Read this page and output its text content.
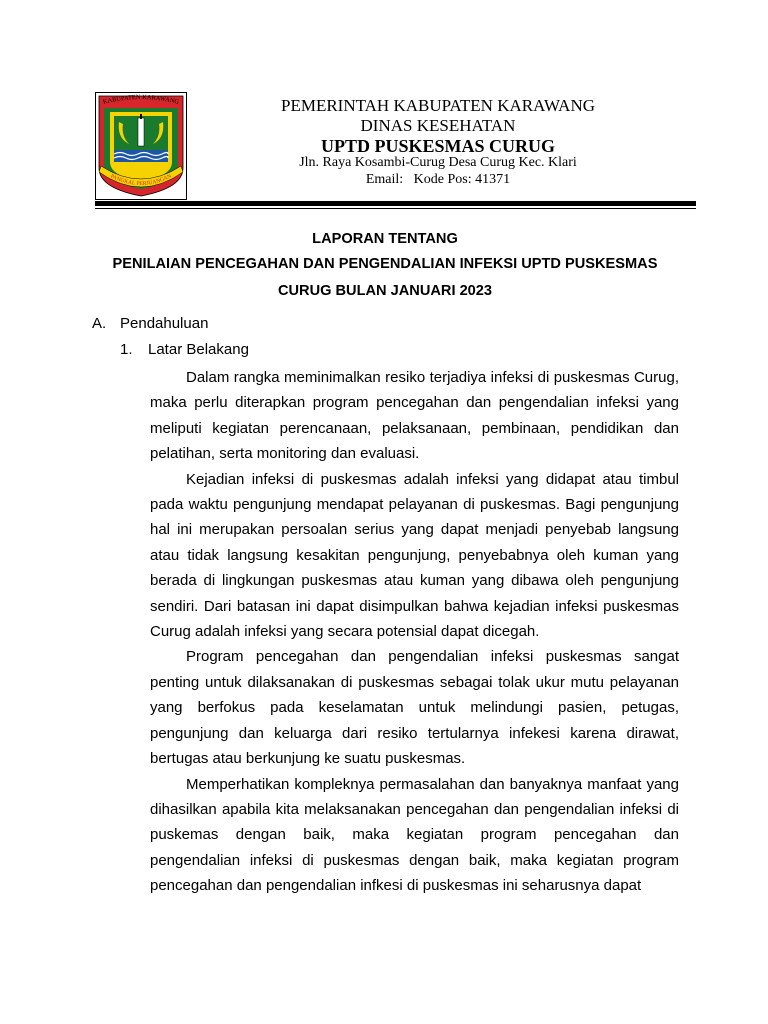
KABUPATEN KARAWANG
PANGKAL PERJUANGAN
PEMERINTAH KABUPATEN KARAWANG
DINAS KESEHATAN
UPTD PUSKESMAS CURUG
Jln. Raya Kosambi-Curug Desa Curug Kec. Klari
Email:   Kode Pos: 41371
LAPORAN TENTANG
PENILAIAN PENCEGAHAN DAN PENGENDALIAN INFEKSI UPTD PUSKESMAS
CURUG BULAN JANUARI 2023
A. Pendahuluan
1. Latar Belakang

Dalam rangka meminimalkan resiko terjadiya infeksi di puskesmas Curug, maka perlu diterapkan program pencegahan dan pengendalian infeksi yang meliputi kegiatan perencanaan, pelaksanaan, pembinaan, pendidikan dan pelatihan, serta monitoring dan evaluasi.

Kejadian infeksi di puskesmas adalah infeksi yang didapat atau timbul pada waktu pengunjung mendapat pelayanan di puskesmas. Bagi pengunjung hal ini merupakan persoalan serius yang dapat menjadi penyebab langsung atau tidak langsung kesakitan pengunjung, penyebabnya oleh kuman yang berada di lingkungan puskesmas atau kuman yang dibawa oleh pengunjung sendiri. Dari batasan ini dapat disimpulkan bahwa kejadian infeksi puskesmas Curug adalah infeksi yang secara potensial dapat dicegah.

Program pencegahan dan pengendalian infeksi puskesmas sangat penting untuk dilaksanakan di puskesmas sebagai tolak ukur mutu pelayanan yang berfokus pada keselamatan untuk melindungi pasien, petugas, pengunjung dan keluarga dari resiko tertularnya infekesi karena dirawat, bertugas atau berkunjung ke suatu puskesmas.

Memperhatikan kompleknya permasalahan dan banyaknya manfaat yang dihasilkan apabila kita melaksanakan pencegahan dan pengendalian infeksi di puskemas dengan baik, maka kegiatan program pencegahan dan pengendalian infeksi di puskesmas dengan baik, maka kegiatan program pencegahan dan pengendalian infkesi di puskesmas ini seharusnya dapat
